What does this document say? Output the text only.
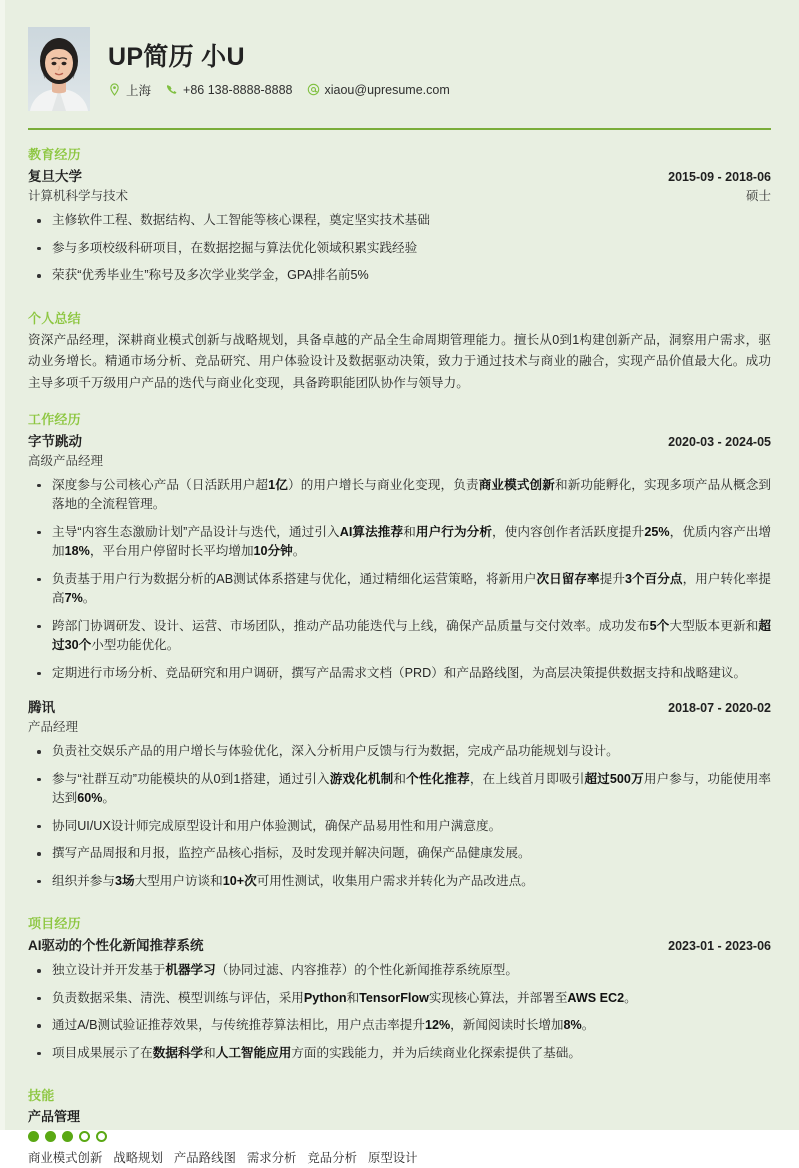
UP简历 小U
上海	+86 138-8888-8888	xiaou@upresume.com
教育经历
复旦大学	2015-09 - 2018-06
计算机科学与技术	硕士
主修软件工程、数据结构、人工智能等核心课程，奠定坚实技术基础
参与多项校级科研项目，在数据挖掘与算法优化领域积累实践经验
荣获“优秀毕业生”称号及多次学业奖学金，GPA排名前5%
个人总结
资深产品经理，深耕商业模式创新与战略规划，具备卓越的产品全生命周期管理能力。擅长从0到1构建创新产品，洞察用户需求，驱动业务增长。精通市场分析、竞品研究、用户体验设计及数据驱动决策，致力于通过技术与商业的融合，实现产品价值最大化。成功主导多项千万级用户产品的迭代与商业化变现，具备跨职能团队协作与领导力。
工作经历
字节跳动	2020-03 - 2024-05
高级产品经理
深度参与公司核心产品（日活跃用户超1亿）的用户增长与商业化变现，负责商业模式创新和新功能孵化，实现多项产品从概念到落地的全流程管理。
主导“内容生态激励计划”产品设计与迭代，通过引入AI算法推荐和用户行为分析，使内容创作者活跃度提升25%，优质内容产出增加18%，平台用户停留时长平均增加10分钟。
负责基于用户行为数据分析的AB测试体系搭建与优化，通过精细化运营策略，将新用户次日留存率提升3个百分点，用户转化率提高7%。
跨部门协调研发、设计、运营、市场团队，推动产品功能迭代与上线，确保产品质量与交付效率。成功发布5个大型版本更新和超过30个小型功能优化。
定期进行市场分析、竞品研究和用户调研，撰写产品需求文档（PRD）和产品路线图，为高层决策提供数据支持和战略建议。
腾讯	2018-07 - 2020-02
产品经理
负责社交娱乐产品的用户增长与体验优化，深入分析用户反馈与行为数据，完成产品功能规划与设计。
参与“社群互动”功能模块的从0到1搭建，通过引入游戏化机制和个性化推荐，在上线首月即吸引超过500万用户参与，功能使用率达到60%。
协同UI/UX设计师完成原型设计和用户体验测试，确保产品易用性和用户满意度。
撰写产品周报和月报，监控产品核心指标，及时发现并解决问题，确保产品健康发展。
组织并参与3场大型用户访谈和10+次可用性测试，收集用户需求并转化为产品改进点。
项目经历
AI驱动的个性化新闻推荐系统	2023-01 - 2023-06
独立设计并开发基于机器学习（协同过滤、内容推荐）的个性化新闻推荐系统原型。
负责数据采集、清洗、模型训练与评估，采用Python和TensorFlow实现核心算法，并部署至AWS EC2。
通过A/B测试验证推荐效果，与传统推荐算法相比，用户点击率提升12%，新闻阅读时长增加8%。
项目成果展示了在数据科学和人工智能应用方面的实践能力，并为后续商业化探索提供了基础。
技能
产品管理
商业模式创新 战略规划 产品路线图 需求分析 竞品分析 原型设计
